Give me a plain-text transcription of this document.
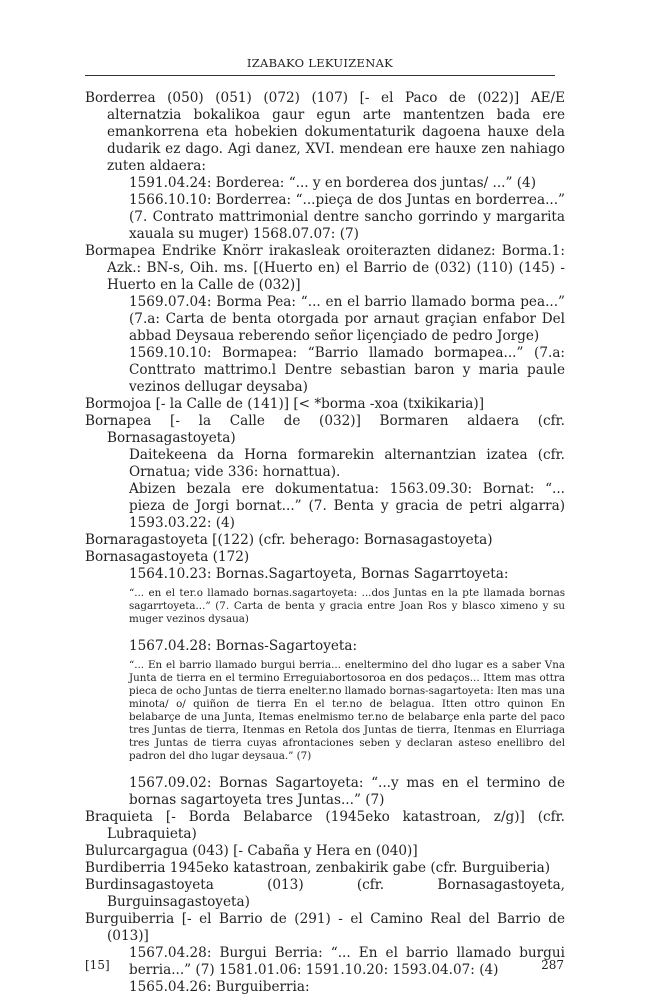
IZABAKO LEKUIZENAK

Borderrea (050) (051) (072) (107) [- el Paco de (022)] AE/E alternatzia bokalikoa gaur egun arte mantentzen bada ere emankorrena eta hobekien dokumentaturik dagoena hauxe dela dudarik ez dago. Agi danez, XVI. mendean ere hauxe zen nahiago zuten aldaera:

1591.04.24: Borderea: “... y en borderea dos juntas/ ...” (4)

1566.10.10: Borderrea: “...pieça de dos Juntas en borderrea...” (7. Contrato mattrimonial dentre sancho gorrindo y margarita xauala su muger) 1568.07.07: (7)

Bormapea Endrike Knörr irakasleak oroiterazten didanez: Borma.1: Azk.: BN-s, Oih. ms. [(Huerto en) el Barrio de (032) (110) (145) - Huerto en la Calle de (032)]

1569.07.04: Borma Pea: “... en el barrio llamado borma pea...” (7.a: Carta de benta otorgada por arnaut graçian enfabor Del abbad Deysaua reberendo señor liçençiado de pedro Jorge)

1569.10.10: Bormapea: “Barrio llamado bormapea...” (7.a: Conttrato mattrimo.l Dentre sebastian baron y maria paule vezinos dellugar deysaba)

Bormojoa [- la Calle de (141)] [< *borma -xoa (txikikaria)]

Bornapea [- la Calle de (032)] Bormaren aldaera (cfr. Bornasagastoyeta)

Daitekeena da Horna formarekin alternantzian izatea (cfr. Ornatua; vide 336: hornattua).

Abizen bezala ere dokumentatua: 1563.09.30: Bornat: “... pieza de Jorgi bornat...” (7. Benta y gracia de petri algarra) 1593.03.22: (4)

Bornaragastoyeta [(122) (cfr. beherago: Bornasagastoyeta)

Bornasagastoyeta (172)

1564.10.23: Bornas.Sagartoyeta, Bornas Sagarrtoyeta:

“... en el ter.o llamado bornas.sagartoyeta: ...dos Juntas en la pte llamada bornas sagarrtoyeta...” (7. Carta de benta y gracia entre Joan Ros y blasco ximeno y su muger vezinos dysaua)

1567.04.28: Bornas-Sagartoyeta:

“... En el barrio llamado burgui berria... eneltermino del dho lugar es a saber Vna Junta de tierra en el termino Erreguiabortosoroa en dos pedaços... Ittem mas ottra pieca de ocho Juntas de tierra enelter.no llamado bornas-sagartoyeta: Iten mas una minota/ o/ quiñon de tierra En el ter.no de belagua. Itten ottro quinon En belabarçe de una Junta, Itemas enelmismo ter.no de belabarçe enla parte del paco tres Juntas de tierra, Itenmas en Retola dos Juntas de tierra, Itenmas en Elurriaga tres Juntas de tierra cuyas afrontaciones seben y declaran asteso enellibro del padron del dho lugar deysaua.” (7)

1567.09.02: Bornas Sagartoyeta: “...y mas en el termino de bornas sagartoyeta tres Juntas...” (7)

Braquieta [- Borda Belabarce (1945eko katastroan, z/g)] (cfr. Lubraquieta)

Bulurcargagua (043) [- Cabaña y Hera en (040)]

Burdiberria 1945eko katastroan, zenbakirik gabe (cfr. Burguiberia)

Burdinsagastoyeta (013) (cfr. Bornasagastoyeta, Burguinsagastoyeta)

Burguiberria [- el Barrio de (291) - el Camino Real del Barrio de (013)]

1567.04.28: Burgui Berria: “... En el barrio llamado burgui berria...” (7) 1581.01.06: 1591.10.20: 1593.04.07: (4)

1565.04.26: Burguiberria:

[15]	287
